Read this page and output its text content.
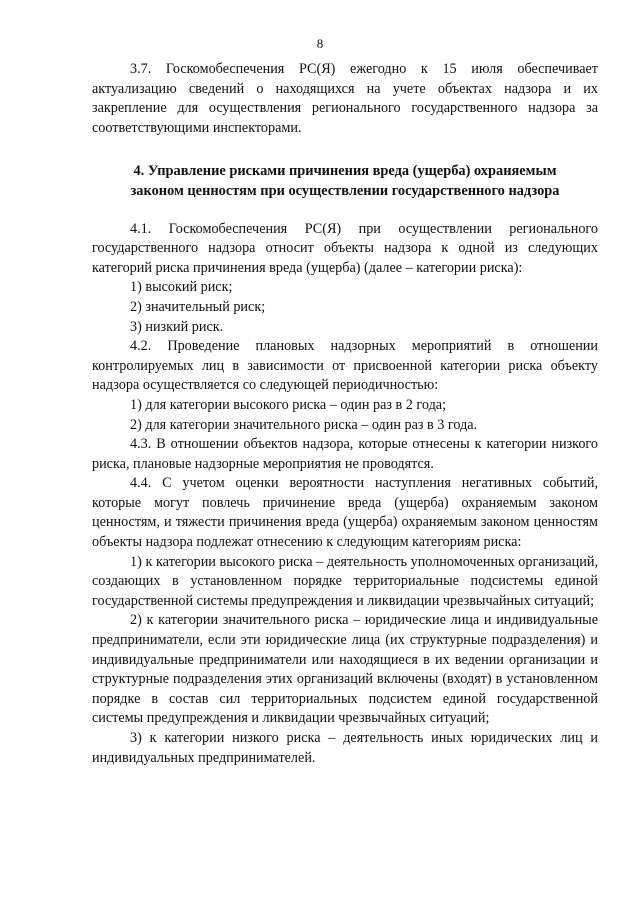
8

3.7. Госкомобеспечения РС(Я) ежегодно к 15 июля обеспечивает актуализацию сведений о находящихся на учете объектах надзора и их закрепление для осуществления регионального государственного надзора за соответствующими инспекторами.

4. Управление рисками причинения вреда (ущерба) охраняемым
законом ценностям при осуществлении государственного надзора

4.1. Госкомобеспечения РС(Я) при осуществлении регионального государственного надзора относит объекты надзора к одной из следующих категорий риска причинения вреда (ущерба) (далее – категории риска):

1) высокий риск;

2) значительный риск;

3) низкий риск.

4.2. Проведение плановых надзорных мероприятий в отношении контролируемых лиц в зависимости от присвоенной категории риска объекту надзора осуществляется со следующей периодичностью:

1) для категории высокого риска – один раз в 2 года;

2) для категории значительного риска – один раз в 3 года.

4.3. В отношении объектов надзора, которые отнесены к категории низкого риска, плановые надзорные мероприятия не проводятся.

4.4. С учетом оценки вероятности наступления негативных событий, которые могут повлечь причинение вреда (ущерба) охраняемым законом ценностям, и тяжести причинения вреда (ущерба) охраняемым законом ценностям объекты надзора подлежат отнесению к следующим категориям риска:

1) к категории высокого риска – деятельность уполномоченных организаций, создающих в установленном порядке территориальные подсистемы единой государственной системы предупреждения и ликвидации чрезвычайных ситуаций;

2) к категории значительного риска – юридические лица и индивидуальные предприниматели, если эти юридические лица (их структурные подразделения) и индивидуальные предприниматели или находящиеся в их ведении организации и структурные подразделения этих организаций включены (входят) в установленном порядке в состав сил территориальных подсистем единой государственной системы предупреждения и ликвидации чрезвычайных ситуаций;

3) к категории низкого риска – деятельность иных юридических лиц и индивидуальных предпринимателей.
